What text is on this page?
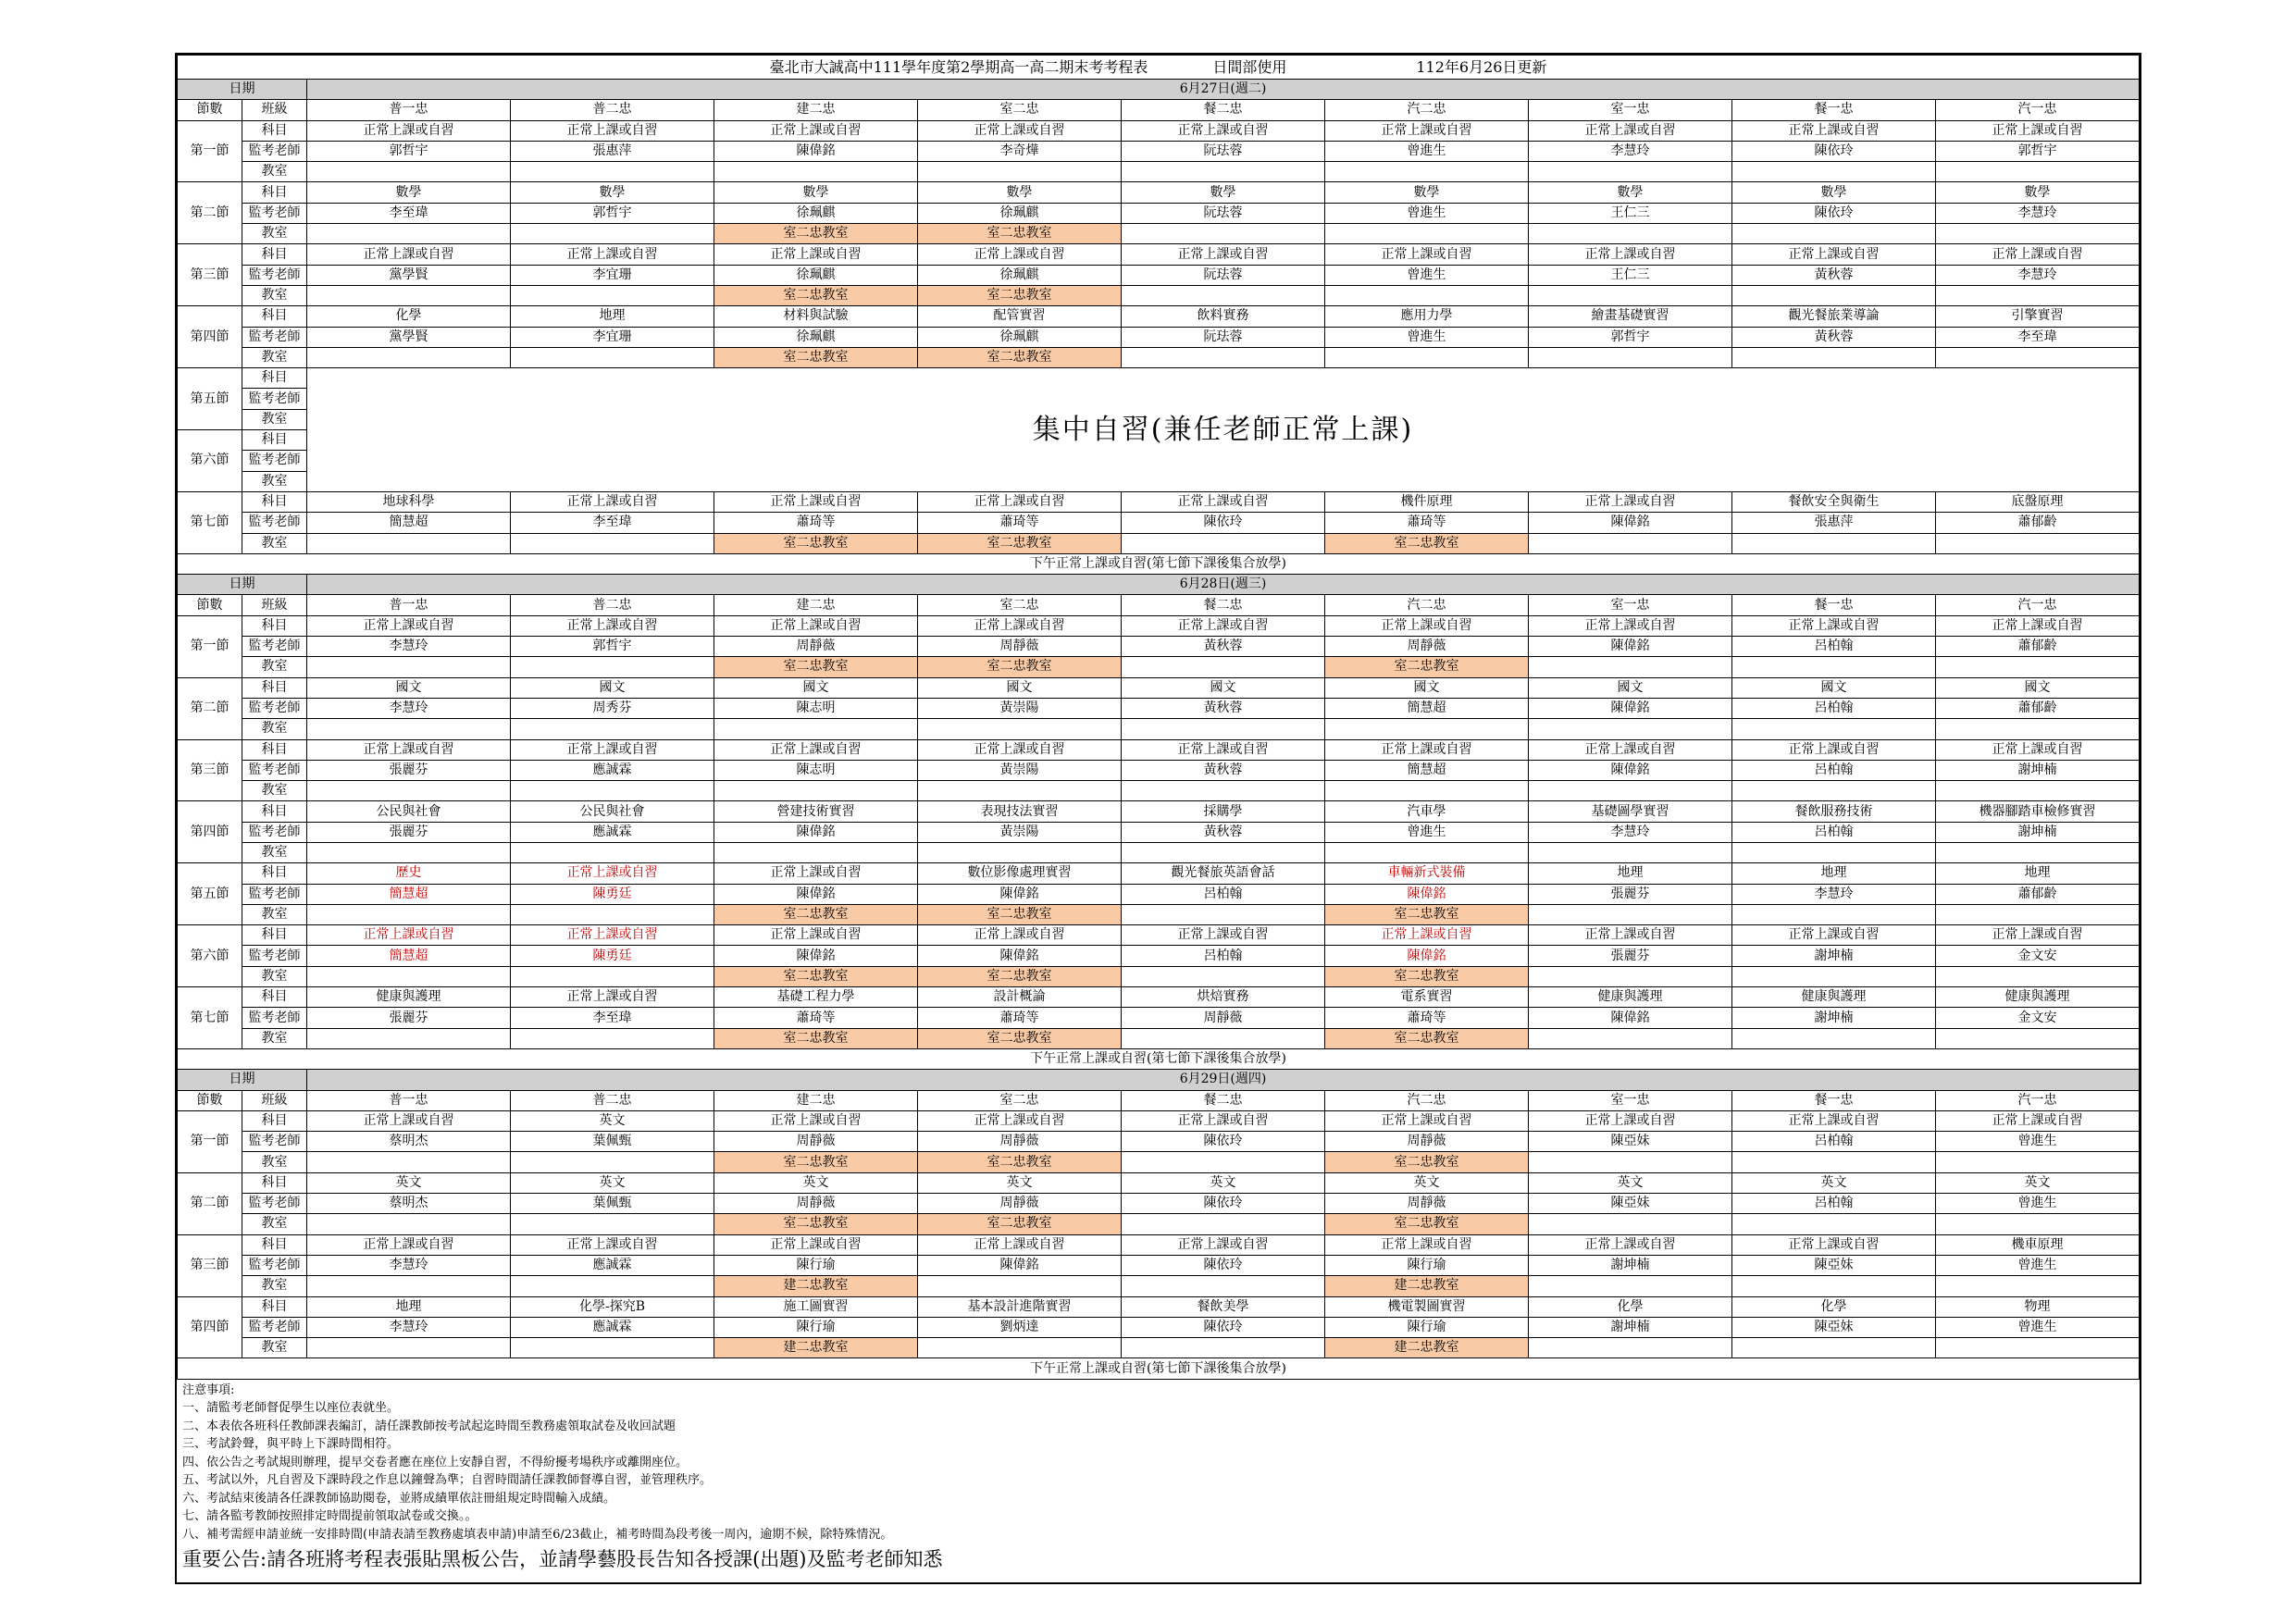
臺北市大誠高中111學年度第2學期高一高二期末考考程表 日間部使用 112年6月26日更新										
日期		6月27日(週二)								
節數	班級	普一忠	普二忠	建二忠	室二忠	餐二忠	汽二忠	室一忠	餐一忠	汽一忠
第一節	科目	正常上課或自習	正常上課或自習	正常上課或自習	正常上課或自習	正常上課或自習	正常上課或自習	正常上課或自習	正常上課或自習	正常上課或自習
	監考老師	郭哲宇	張惠萍	陳偉銘	李奇燁	阮珐蓉	曾進生	李慧玲	陳依玲	郭哲宇
	教室									
第二節	科目	數學	數學	數學	數學	數學	數學	數學	數學	數學
	監考老師	李至瑋	郭哲宇	徐珮麒	徐珮麒	阮珐蓉	曾進生	王仁三	陳依玲	李慧玲
	教室			室二忠教室	室二忠教室					
第三節	科目	正常上課或自習	正常上課或自習	正常上課或自習	正常上課或自習	正常上課或自習	正常上課或自習	正常上課或自習	正常上課或自習	正常上課或自習
	監考老師	黨學賢	李宜珊	徐珮麒	徐珮麒	阮珐蓉	曾進生	王仁三	黃秋蓉	李慧玲
	教室			室二忠教室	室二忠教室					
第四節	科目	化學	地理	材料與試驗	配管實習	飲料實務	應用力學	繪畫基礎實習	觀光餐旅業導論	引擎實習
	監考老師	黨學賢	李宜珊	徐珮麒	徐珮麒	阮珐蓉	曾進生	郭哲宇	黃秋蓉	李至瑋
	教室			室二忠教室	室二忠教室					
第五節	科目	集中自習(兼任老師正常上課)								
	監考老師									
	教室									
第六節	科目									
	監考老師									
	教室									
第七節	科目	地球科學	正常上課或自習	正常上課或自習	正常上課或自習	正常上課或自習	機件原理	正常上課或自習	餐飲安全與衛生	底盤原理
	監考老師	簡慧超	李至瑋	蕭琦等	蕭琦等	陳依玲	蕭琦等	陳偉銘	張惠萍	蕭郁齡
	教室			室二忠教室	室二忠教室		室二忠教室			
下午正常上課或自習(第七節下課後集合放學)										
日期		6月28日(週三)								
節數	班級	普一忠	普二忠	建二忠	室二忠	餐二忠	汽二忠	室一忠	餐一忠	汽一忠
第一節	科目	正常上課或自習	正常上課或自習	正常上課或自習	正常上課或自習	正常上課或自習	正常上課或自習	正常上課或自習	正常上課或自習	正常上課或自習
	監考老師	李慧玲	郭哲宇	周靜薇	周靜薇	黃秋蓉	周靜薇	陳偉銘	呂柏翰	蕭郁齡
	教室			室二忠教室	室二忠教室		室二忠教室			
第二節	科目	國文	國文	國文	國文	國文	國文	國文	國文	國文
	監考老師	李慧玲	周秀芬	陳志明	黃崇陽	黃秋蓉	簡慧超	陳偉銘	呂柏翰	蕭郁齡
	教室									
第三節	科目	正常上課或自習	正常上課或自習	正常上課或自習	正常上課或自習	正常上課或自習	正常上課或自習	正常上課或自習	正常上課或自習	正常上課或自習
	監考老師	張麗芬	應誠霖	陳志明	黃崇陽	黃秋蓉	簡慧超	陳偉銘	呂柏翰	謝坤楠
	教室									
第四節	科目	公民與社會	公民與社會	營建技術實習	表現技法實習	採購學	汽車學	基礎圖學實習	餐飲服務技術	機器腳踏車檢修實習
	監考老師	張麗芬	應誠霖	陳偉銘	黃崇陽	黃秋蓉	曾進生	李慧玲	呂柏翰	謝坤楠
	教室									
第五節	科目	歷史	正常上課或自習	正常上課或自習	數位影像處理實習	觀光餐旅英語會話	車輛新式裝備	地理	地理	地理
	監考老師	簡慧超	陳勇廷	陳偉銘	陳偉銘	呂柏翰	陳偉銘	張麗芬	李慧玲	蕭郁齡
	教室			室二忠教室	室二忠教室		室二忠教室			
第六節	科目	正常上課或自習	正常上課或自習	正常上課或自習	正常上課或自習	正常上課或自習	正常上課或自習	正常上課或自習	正常上課或自習	正常上課或自習
	監考老師	簡慧超	陳勇廷	陳偉銘	陳偉銘	呂柏翰	陳偉銘	張麗芬	謝坤楠	金文安
	教室			室二忠教室	室二忠教室		室二忠教室			
第七節	科目	健康與護理	正常上課或自習	基礎工程力學	設計概論	烘焙實務	電系實習	健康與護理	健康與護理	健康與護理
	監考老師	張麗芬	李至瑋	蕭琦等	蕭琦等	周靜薇	蕭琦等	陳偉銘	謝坤楠	金文安
	教室			室二忠教室	室二忠教室		室二忠教室			
下午正常上課或自習(第七節下課後集合放學)										
日期		6月29日(週四)								
節數	班級	普一忠	普二忠	建二忠	室二忠	餐二忠	汽二忠	室一忠	餐一忠	汽一忠
第一節	科目	正常上課或自習	英文	正常上課或自習	正常上課或自習	正常上課或自習	正常上課或自習	正常上課或自習	正常上課或自習	正常上課或自習
	監考老師	蔡明杰	葉佩甄	周靜薇	周靜薇	陳依玲	周靜薇	陳亞妹	呂柏翰	曾進生
	教室			室二忠教室	室二忠教室		室二忠教室			
第二節	科目	英文	英文	英文	英文	英文	英文	英文	英文	英文
	監考老師	蔡明杰	葉佩甄	周靜薇	周靜薇	陳依玲	周靜薇	陳亞妹	呂柏翰	曾進生
	教室			室二忠教室	室二忠教室		室二忠教室			
第三節	科目	正常上課或自習	正常上課或自習	正常上課或自習	正常上課或自習	正常上課或自習	正常上課或自習	正常上課或自習	正常上課或自習	機車原理
	監考老師	李慧玲	應誠霖	陳行瑜	陳偉銘	陳依玲	陳行瑜	謝坤楠	陳亞妹	曾進生
	教室			建二忠教室			建二忠教室			
第四節	科目	地理	化學-探究B	施工圖實習	基本設計進階實習	餐飲美學	機電製圖實習	化學	化學	物理
	監考老師	李慧玲	應誠霖	陳行瑜	劉炳達	陳依玲	陳行瑜	謝坤楠	陳亞妹	曾進生
	教室			建二忠教室			建二忠教室			
下午正常上課或自習(第七節下課後集合放學)										
注意事項:
一、請監考老師督促學生以座位表就坐。
二、本表依各班科任教師課表編訂，請任課教師按考試起迄時間至教務處領取試卷及收回試題
三、考試鈴聲，與平時上下課時間相符。
四、依公告之考試規則辦理，提早交卷者應在座位上安靜自習，不得紛擾考場秩序或離開座位。
五、考試以外，凡自習及下課時段之作息以鐘聲為準；自習時間請任課教師督導自習，並管理秩序。
六、考試結束後請各任課教師協助閱卷，並將成績單依註冊組規定時間輸入成績。
七、請各監考教師按照排定時間提前領取試卷或交換。。
八、補考需經申請並統一安排時間(申請表請至教務處填表申請)申請至6/23截止，補考時間為段考後一周內，逾期不候，除特殊情況。
重要公告:請各班將考程表張貼黑板公告，並請學藝股長告知各授課(出題)及監考老師知悉
